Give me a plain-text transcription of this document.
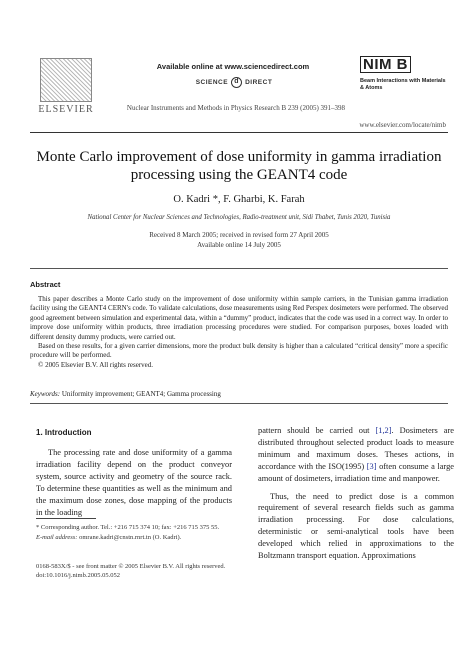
ELSEVIER
Available online at www.sciencedirect.com
SCIENCE d DIRECT
NIM B
Beam Interactions with Materials & Atoms
Nuclear Instruments and Methods in Physics Research B 239 (2005) 391–398
www.elsevier.com/locate/nimb
Monte Carlo improvement of dose uniformity in gamma irradiation processing using the GEANT4 code
O. Kadri *, F. Gharbi, K. Farah
National Center for Nuclear Sciences and Technologies, Radio-treatment unit, Sidi Thabet, Tunis 2020, Tunisia
Received 8 March 2005; received in revised form 27 April 2005
Available online 14 July 2005
Abstract

This paper describes a Monte Carlo study on the improvement of dose uniformity within sample carriers, in the Tunisian gamma irradiation facility using the GEANT4 CERN's code. To validate calculations, dose measurements using Red Perspex dosimeters were performed. The observed good agreement between simulation and experimental data, within a “dummy” product, indicates that the code was used in a correct way. In order to improve dose uniformity within products, three irradiation processing procedures were studied. For comparison purposes, boxes loaded with different density dummy products, were carried out.

Based on these results, for a given carrier dimensions, more the product bulk density is higher than a calculated “critical density” more a specific procedure will be performed.

© 2005 Elsevier B.V. All rights reserved.

Keywords: Uniformity improvement; GEANT4; Gamma processing
1. Introduction
The processing rate and dose uniformity of a gamma irradiation facility depend on the product conveyor system, source activity and geometry of the source rack. To determine these quantities as well as the minimum and the maximum dose zones, dose mapping of the products in the loading

pattern should be carried out [1,2]. Dosimeters are distributed throughout selected product loads to measure minimum and maximum doses. Theses actions, in accordance with the ISO(1995) [3] often consume a large amount of dosimeters, irradiation time and manpower.

Thus, the need to predict dose is a common requirement of several research fields such as gamma irradiation processing. For dose calculations, deterministic or semi-analytical tools have been developed which relied in approximations to the Boltzmann transport equation. Approximations

* Corresponding author. Tel.: +216 715 374 10; fax: +216 715 375 55.
E-mail address: omrane.kadri@cnstn.rnrt.tn (O. Kadri).
0168-583X/$ - see front matter © 2005 Elsevier B.V. All rights reserved.
doi:10.1016/j.nimb.2005.05.052
